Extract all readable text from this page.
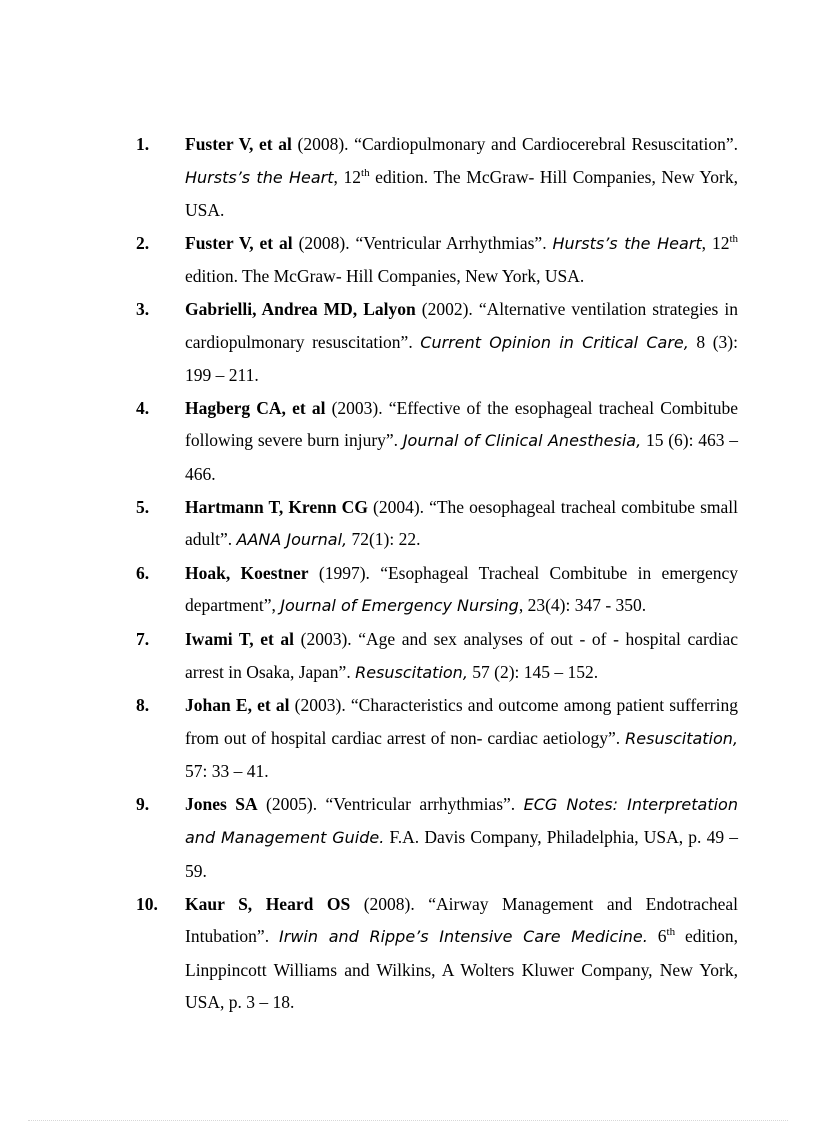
1. Fuster V, et al (2008). “Cardiopulmonary and Cardiocerebral Resuscitation”. Hursts’s the Heart, 12th edition. The McGraw- Hill Companies, New York, USA.
2. Fuster V, et al (2008). “Ventricular Arrhythmias”. Hursts’s the Heart, 12th edition. The McGraw- Hill Companies, New York, USA.
3. Gabrielli, Andrea MD, Lalyon (2002). “Alternative ventilation strategies in cardiopulmonary resuscitation”. Current Opinion in Critical Care, 8 (3): 199 – 211.
4. Hagberg CA, et al (2003). “Effective of the esophageal tracheal Combitube following severe burn injury”. Journal of Clinical Anesthesia, 15 (6): 463 – 466.
5. Hartmann T, Krenn CG (2004). “The oesophageal tracheal combitube small adult”. AANA Journal, 72(1): 22.
6. Hoak, Koestner (1997). “Esophageal Tracheal Combitube in emergency department”, Journal of Emergency Nursing, 23(4): 347 - 350.
7. Iwami T, et al (2003). “Age and sex analyses of out - of - hospital cardiac arrest in Osaka, Japan”. Resuscitation, 57 (2): 145 – 152.
8. Johan E, et al (2003). “Characteristics and outcome among patient sufferring from out of hospital cardiac arrest of non- cardiac aetiology”. Resuscitation, 57: 33 – 41.
9. Jones SA (2005). “Ventricular arrhythmias”. ECG Notes: Interpretation and Management Guide. F.A. Davis Company, Philadelphia, USA, p. 49 – 59.
10. Kaur S, Heard OS (2008). “Airway Management and Endotracheal Intubation”. Irwin and Rippe’s Intensive Care Medicine. 6th edition, Linppincott Williams and Wilkins, A Wolters Kluwer Company, New York, USA, p. 3 – 18.
